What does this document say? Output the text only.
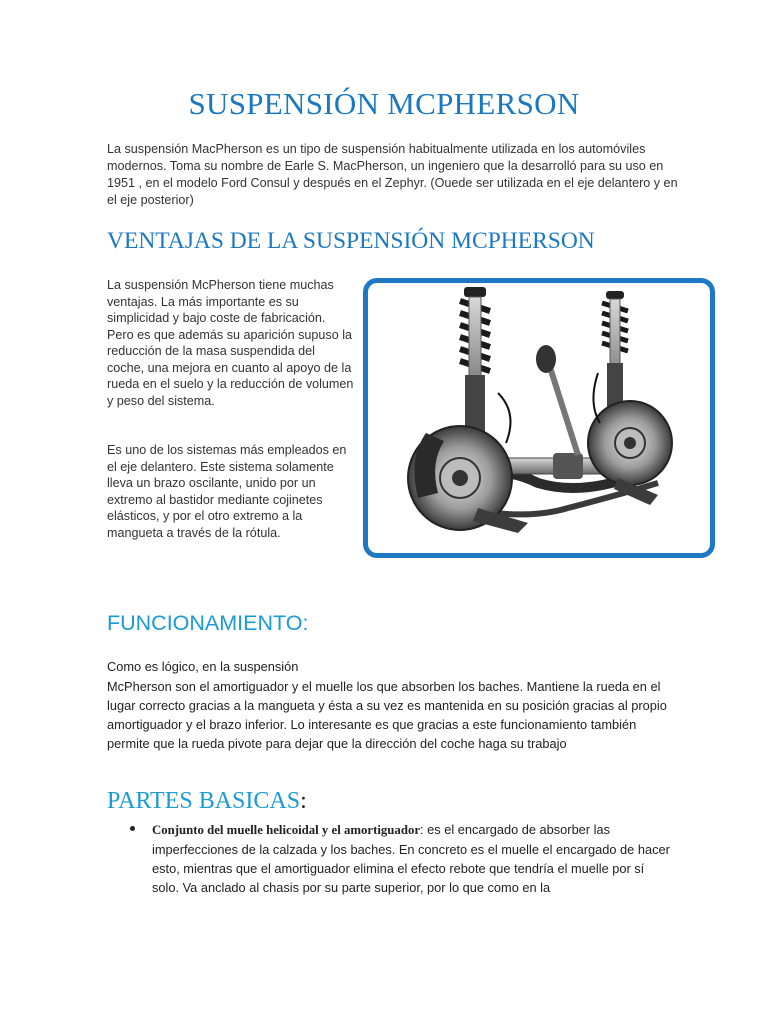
SUSPENSIÓN MCPHERSON

La suspensión MacPherson es un tipo de suspensión habitualmente utilizada en los automóviles modernos. Toma su nombre de Earle S. MacPherson, un ingeniero que la desarrolló para su uso en 1951 , en el modelo Ford Consul y después en el Zephyr. (Ouede ser utilizada en el eje delantero y en el eje posterior)

VENTAJAS DE LA SUSPENSIÓN MCPHERSON

La suspensión McPherson tiene muchas ventajas. La más importante es su simplicidad y bajo coste de fabricación. Pero es que además su aparición supuso la reducción de la masa suspendida del coche, una mejora en cuanto al apoyo de la rueda en el suelo y la reducción de volumen y peso del sistema.

Es uno de los sistemas más empleados en el eje delantero. Este sistema solamente lleva un brazo oscilante, unido por un extremo al bastidor mediante cojinetes elásticos, y por el otro extremo a la mangueta a través de la rótula.

FUNCIONAMIENTO:

Como es lógico, en la suspensión

McPherson son el amortiguador y el muelle los que absorben los baches. Mantiene la rueda en el lugar correcto gracias a la mangueta y ésta a su vez es mantenida en su posición gracias al propio amortiguador y el brazo inferior. Lo interesante es que gracias a este funcionamiento también permite que la rueda pivote para dejar que la dirección del coche haga su trabajo

PARTES BASICAS:

Conjunto del muelle helicoidal y el amortiguador: es el encargado de absorber las imperfecciones de la calzada y los baches. En concreto es el muelle el encargado de hacer esto, mientras que el amortiguador elimina el efecto rebote que tendría el muelle por sí solo. Va anclado al chasis por su parte superior, por lo que como en la
